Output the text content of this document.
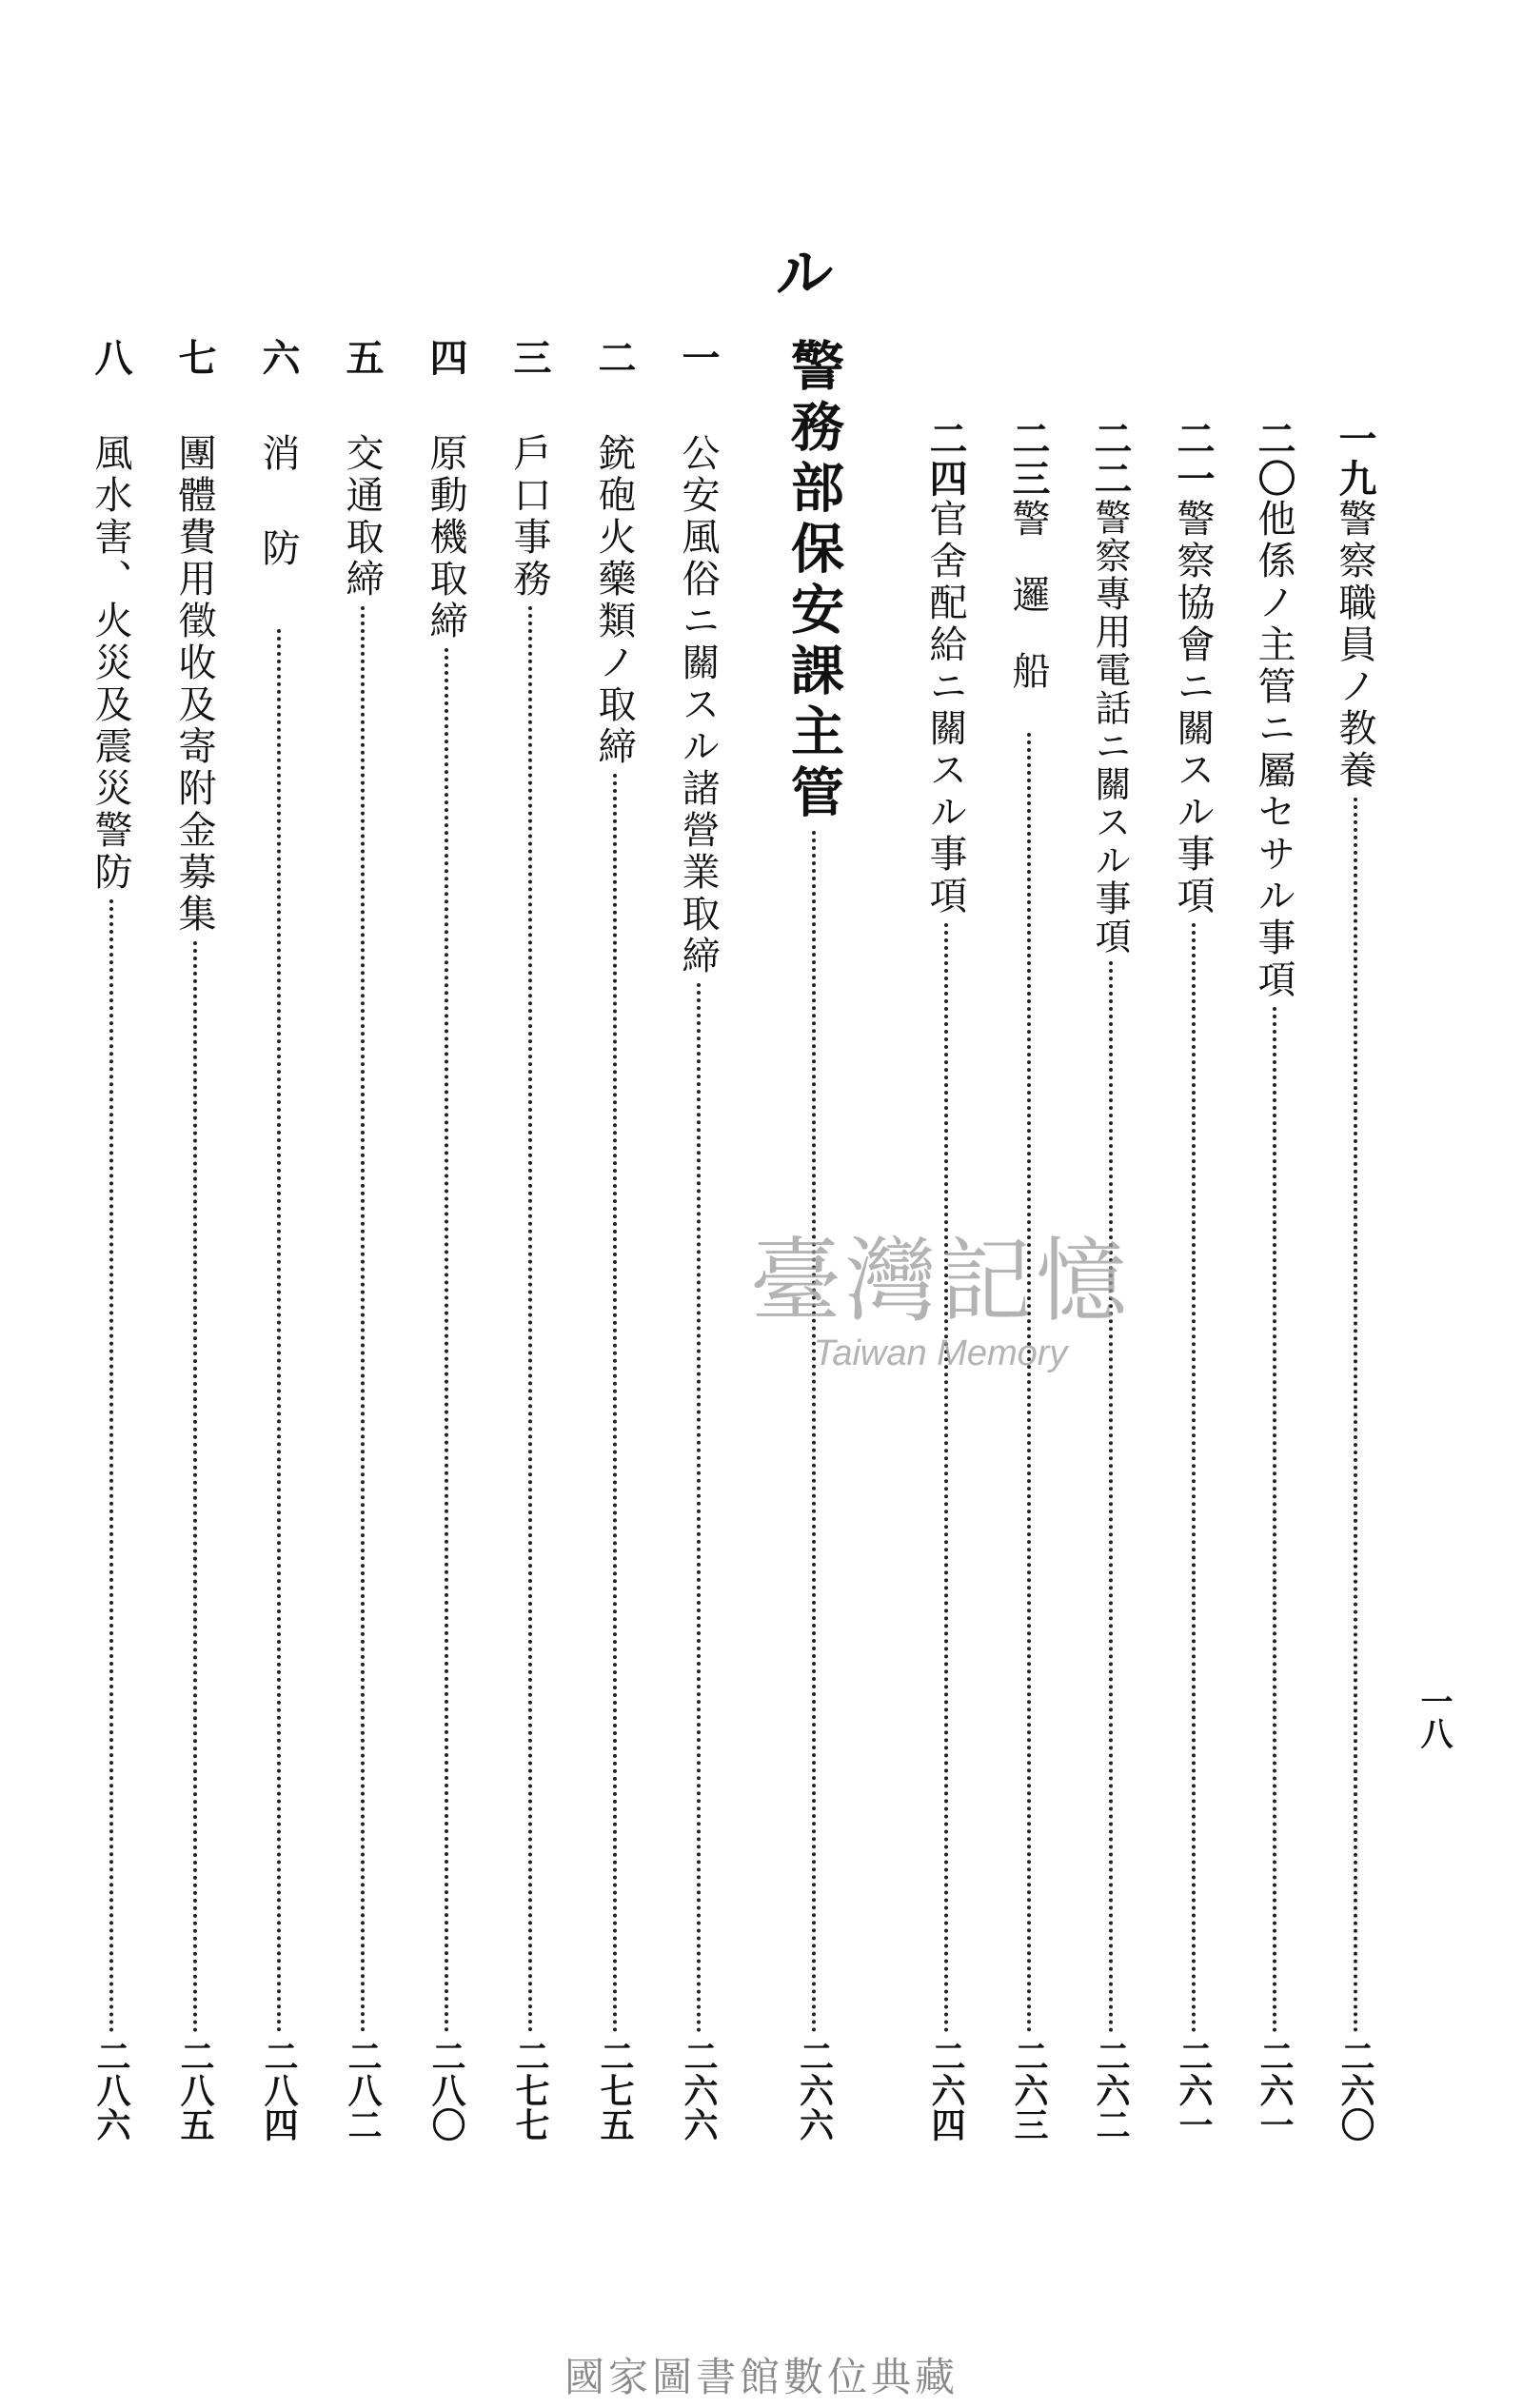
一八
一九
警察職員ノ教養
二六〇
二〇
他係ノ主管ニ屬セサル事項
二六一
二一
警察協會ニ關スル事項
二六一
二二
警察專用電話ニ關スル事項
二六二
二三
警邏船
二六三
二四
官舍配給ニ關スル事項
二六四
ル
警務部保安課主管
二六六
一
公安風俗ニ關スル諸營業取締
二六六
二
銃砲火藥類ノ取締
二七五
三
戶口事務
二七七
四
原動機取締
二八〇
五
交通取締
二八二
六
消防
二八四
七
團體費用徵收及寄附金募集
二八五
八
風水害、火災及震災警防
二八六
臺灣記憶
Taiwan Memory
國家圖書館數位典藏
